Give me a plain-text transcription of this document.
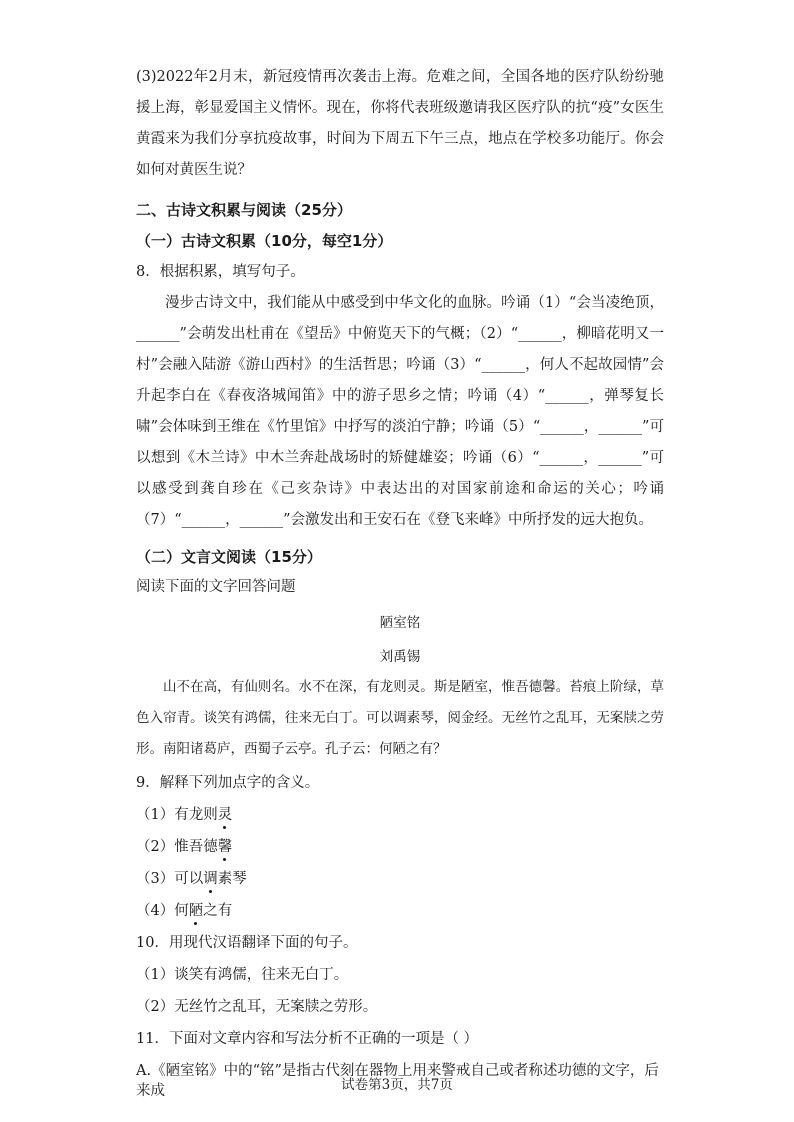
(3)2022年2月末，新冠疫情再次袭击上海。危难之间，全国各地的医疗队纷纷驰援上海，彰显爱国主义情怀。现在，你将代表班级邀请我区医疗队的抗“疫”女医生黄霞来为我们分享抗疫故事，时间为下周五下午三点，地点在学校多功能厅。你会如何对黄医生说？

二、古诗文积累与阅读（25分）

（一）古诗文积累（10分，每空1分）

8．根据积累，填写句子。

漫步古诗文中，我们能从中感受到中华文化的血脉。吟诵（1）“会当凌绝顶，______”会萌发出杜甫在《望岳》中俯览天下的气概；（2）“______，柳暗花明又一村”会融入陆游《游山西村》的生活哲思；吟诵（3）“______，何人不起故园情”会升起李白在《春夜洛城闻笛》中的游子思乡之情；吟诵（4）“______，弹琴复长啸”会体味到王维在《竹里馆》中抒写的淡泊宁静；吟诵（5）“______，______”可以想到《木兰诗》中木兰奔赴战场时的矫健雄姿；吟诵（6）“______，______”可以感受到龚自珍在《己亥杂诗》中表达出的对国家前途和命运的关心；吟诵（7）“______，______”会激发出和王安石在《登飞来峰》中所抒发的远大抱负。

（二）文言文阅读（15分）

阅读下面的文字回答问题

陋室铭

刘禹锡

山不在高，有仙则名。水不在深，有龙则灵。斯是陋室，惟吾德馨。苔痕上阶绿，草色入帘青。谈笑有鸿儒，往来无白丁。可以调素琴，阅金经。无丝竹之乱耳，无案牍之劳形。南阳诸葛庐，西蜀子云亭。孔子云：何陋之有？

9．解释下列加点字的含义。

（1）有龙则灵

（2）惟吾德馨

（3）可以调素琴

（4）何陋之有

10．用现代汉语翻译下面的句子。

（1）谈笑有鸿儒，往来无白丁。

（2）无丝竹之乱耳，无案牍之劳形。

11．下面对文章内容和写法分析不正确的一项是（ ）

A.《陋室铭》中的“铭”是指古代刻在器物上用来警戒自己或者称述功德的文字，后来成	试卷第3页，共7页
